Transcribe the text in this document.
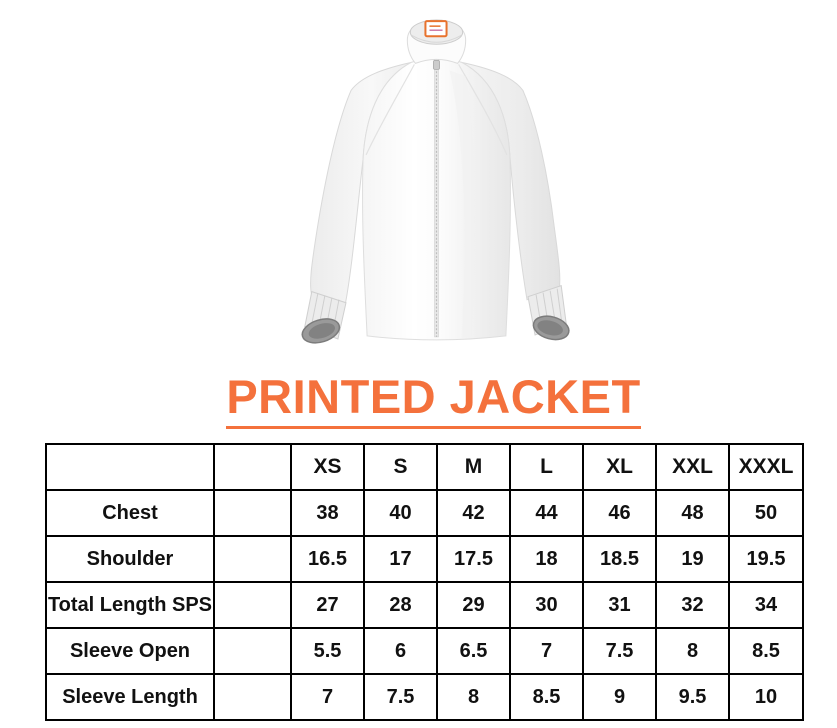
PRINTED JACKET
		XS	S	M	L	XL	XXL	XXXL
Chest		38	40	42	44	46	48	50
Shoulder		16.5	17	17.5	18	18.5	19	19.5
Total Length SPS		27	28	29	30	31	32	34
Sleeve Open		5.5	6	6.5	7	7.5	8	8.5
Sleeve Length		7	7.5	8	8.5	9	9.5	10
